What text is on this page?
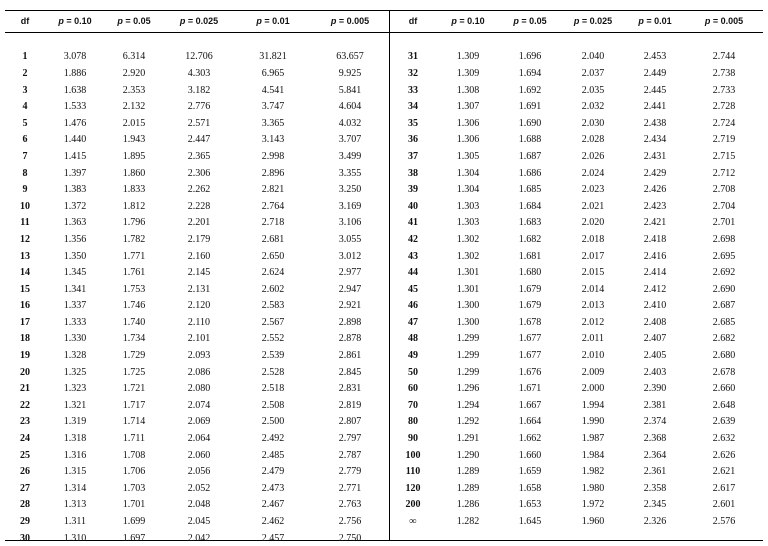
df	p = 0.10	p = 0.05	p = 0.025	p = 0.01	p = 0.005

1	3.078	6.314	12.706	31.821	63.657
2	1.886	2.920	4.303	6.965	9.925
3	1.638	2.353	3.182	4.541	5.841
4	1.533	2.132	2.776	3.747	4.604
5	1.476	2.015	2.571	3.365	4.032
6	1.440	1.943	2.447	3.143	3.707
7	1.415	1.895	2.365	2.998	3.499
8	1.397	1.860	2.306	2.896	3.355
9	1.383	1.833	2.262	2.821	3.250
10	1.372	1.812	2.228	2.764	3.169
11	1.363	1.796	2.201	2.718	3.106
12	1.356	1.782	2.179	2.681	3.055
13	1.350	1.771	2.160	2.650	3.012
14	1.345	1.761	2.145	2.624	2.977
15	1.341	1.753	2.131	2.602	2.947
16	1.337	1.746	2.120	2.583	2.921
17	1.333	1.740	2.110	2.567	2.898
18	1.330	1.734	2.101	2.552	2.878
19	1.328	1.729	2.093	2.539	2.861
20	1.325	1.725	2.086	2.528	2.845
21	1.323	1.721	2.080	2.518	2.831
22	1.321	1.717	2.074	2.508	2.819
23	1.319	1.714	2.069	2.500	2.807
24	1.318	1.711	2.064	2.492	2.797
25	1.316	1.708	2.060	2.485	2.787
26	1.315	1.706	2.056	2.479	2.779
27	1.314	1.703	2.052	2.473	2.771
28	1.313	1.701	2.048	2.467	2.763
29	1.311	1.699	2.045	2.462	2.756
30	1.310	1.697	2.042	2.457	2.750
df	p = 0.10	p = 0.05	p = 0.025	p = 0.01	p = 0.005

31	1.309	1.696	2.040	2.453	2.744
32	1.309	1.694	2.037	2.449	2.738
33	1.308	1.692	2.035	2.445	2.733
34	1.307	1.691	2.032	2.441	2.728
35	1.306	1.690	2.030	2.438	2.724
36	1.306	1.688	2.028	2.434	2.719
37	1.305	1.687	2.026	2.431	2.715
38	1.304	1.686	2.024	2.429	2.712
39	1.304	1.685	2.023	2.426	2.708
40	1.303	1.684	2.021	2.423	2.704
41	1.303	1.683	2.020	2.421	2.701
42	1.302	1.682	2.018	2.418	2.698
43	1.302	1.681	2.017	2.416	2.695
44	1.301	1.680	2.015	2.414	2.692
45	1.301	1.679	2.014	2.412	2.690
46	1.300	1.679	2.013	2.410	2.687
47	1.300	1.678	2.012	2.408	2.685
48	1.299	1.677	2.011	2.407	2.682
49	1.299	1.677	2.010	2.405	2.680
50	1.299	1.676	2.009	2.403	2.678
60	1.296	1.671	2.000	2.390	2.660
70	1.294	1.667	1.994	2.381	2.648
80	1.292	1.664	1.990	2.374	2.639
90	1.291	1.662	1.987	2.368	2.632
100	1.290	1.660	1.984	2.364	2.626
110	1.289	1.659	1.982	2.361	2.621
120	1.289	1.658	1.980	2.358	2.617
200	1.286	1.653	1.972	2.345	2.601
∞	1.282	1.645	1.960	2.326	2.576
